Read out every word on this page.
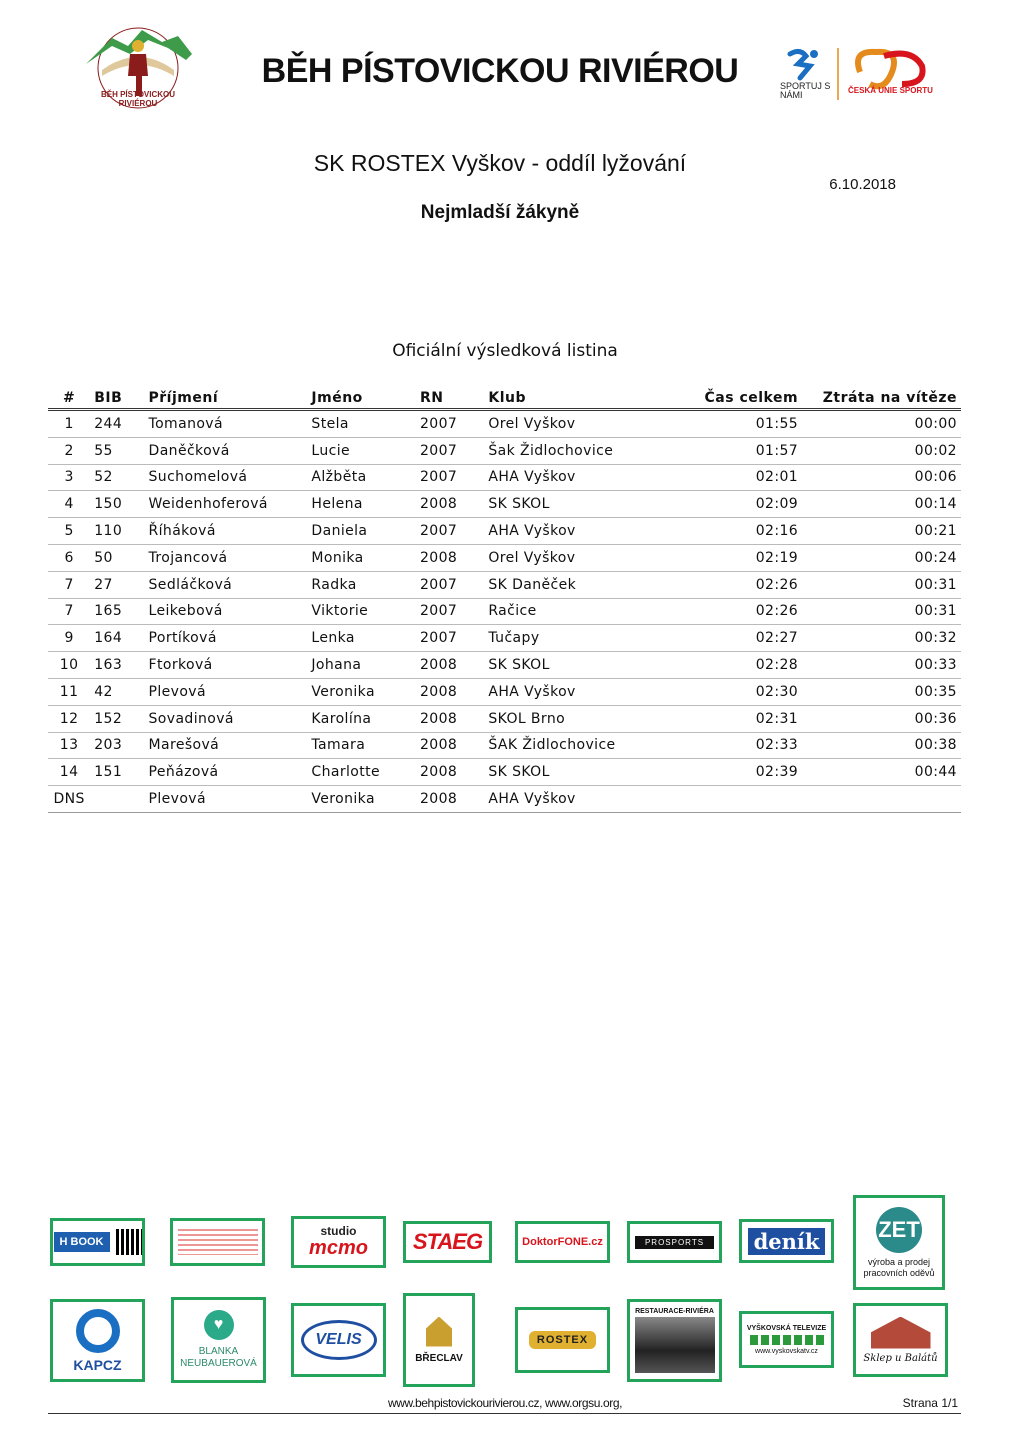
BĚH PÍSTOVICKOU RIVIÉROU
BĚH PÍSTOVICKOU RIVIÉROU	SPORTUJ S NÁMI	ČESKÁ UNIE SPORTU
SK ROSTEX Vyškov - oddíl lyžování
6.10.2018
Nejmladší žákyně
Oficiální výsledková listina
#	BIB	Příjmení	Jméno	RN	Klub	Čas celkem	Ztráta na vítěze
1	244	Tomanová	Stela	2007	Orel Vyškov	01:55	00:00
2	55	Daněčková	Lucie	2007	Šak Židlochovice	01:57	00:02
3	52	Suchomelová	Alžběta	2007	AHA Vyškov	02:01	00:06
4	150	Weidenhoferová	Helena	2008	SK SKOL	02:09	00:14
5	110	Říháková	Daniela	2007	AHA Vyškov	02:16	00:21
6	50	Trojancová	Monika	2008	Orel Vyškov	02:19	00:24
7	27	Sedláčková	Radka	2007	SK Daněček	02:26	00:31
7	165	Leikebová	Viktorie	2007	Račice	02:26	00:31
9	164	Portíková	Lenka	2007	Tučapy	02:27	00:32
10	163	Ftorková	Johana	2008	SK SKOL	02:28	00:33
11	42	Plevová	Veronika	2008	AHA Vyškov	02:30	00:35
12	152	Sovadinová	Karolína	2008	SKOL Brno	02:31	00:36
13	203	Marešová	Tamara	2008	ŠAK Židlochovice	02:33	00:38
14	151	Peňázová	Charlotte	2008	SK SKOL	02:39	00:44
DNS		Plevová	Veronika	2008	AHA Vyškov		
H BOOK
studio
mcmo STAEG	DoktorFONE.cz	PROSPORTS	deník	ZET
výroba a prodej pracovních oděvů
KAPCZ
♥
BLANKA NEUBAUEROVÁ
VELIS
BŘECLAV
ROSTEX
RESTAURACE-RIVIÉRA
VYŠKOVSKÁ TELEVIZE
www.vyskovskatv.cz
Sklep u Balátů
www.behpistovickourivierou.cz, www.orgsu.org,	Strana 1/1
